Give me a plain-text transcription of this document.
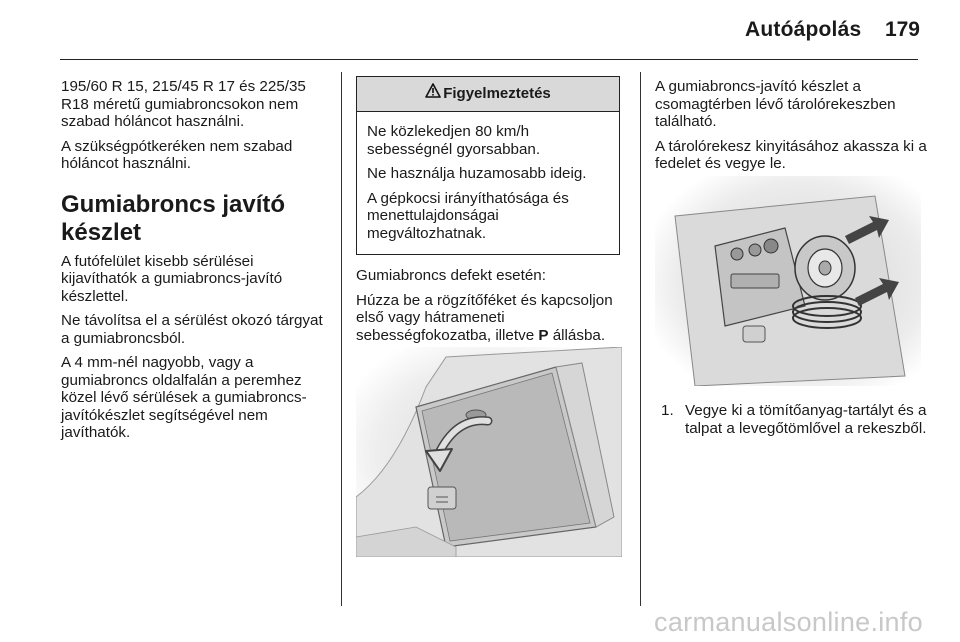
Autóápolás 179

195/60 R 15, 215/45 R 17 és 225/35 R18 méretű gumiabroncsokon nem szabad hóláncot használni.

A szükségpótkeréken nem szabad hóláncot használni.

Gumiabroncs javító készlet

A futófelület kisebb sérülései kijavíthatók a gumiabroncs-javító készlettel.

Ne távolítsa el a sérülést okozó tárgyat a gumiabroncsból.

A 4 mm-nél nagyobb, vagy a gumiabroncs oldalfalán a peremhez közel lévő sérülések a gumiabroncs-javítókészlet segítségével nem javíthatók.

Figyelmeztetés

Ne közlekedjen 80 km/h sebességnél gyorsabban.

Ne használja huzamosabb ideig.

A gépkocsi irányíthatósága és menettulajdonságai megváltozhatnak.

Gumiabroncs defekt esetén:

Húzza be a rögzítőféket és kapcsoljon első vagy hátrameneti sebességfokozatba, illetve P állásba.

A gumiabroncs-javító készlet a csomagtérben lévő tárolórekeszben található.

A tárolórekesz kinyitásához akassza ki a fedelet és vegye le.

1. Vegye ki a tömítőanyag-tartályt és a talpat a levegőtömlővel a rekeszből.
carmanualsonline.info
